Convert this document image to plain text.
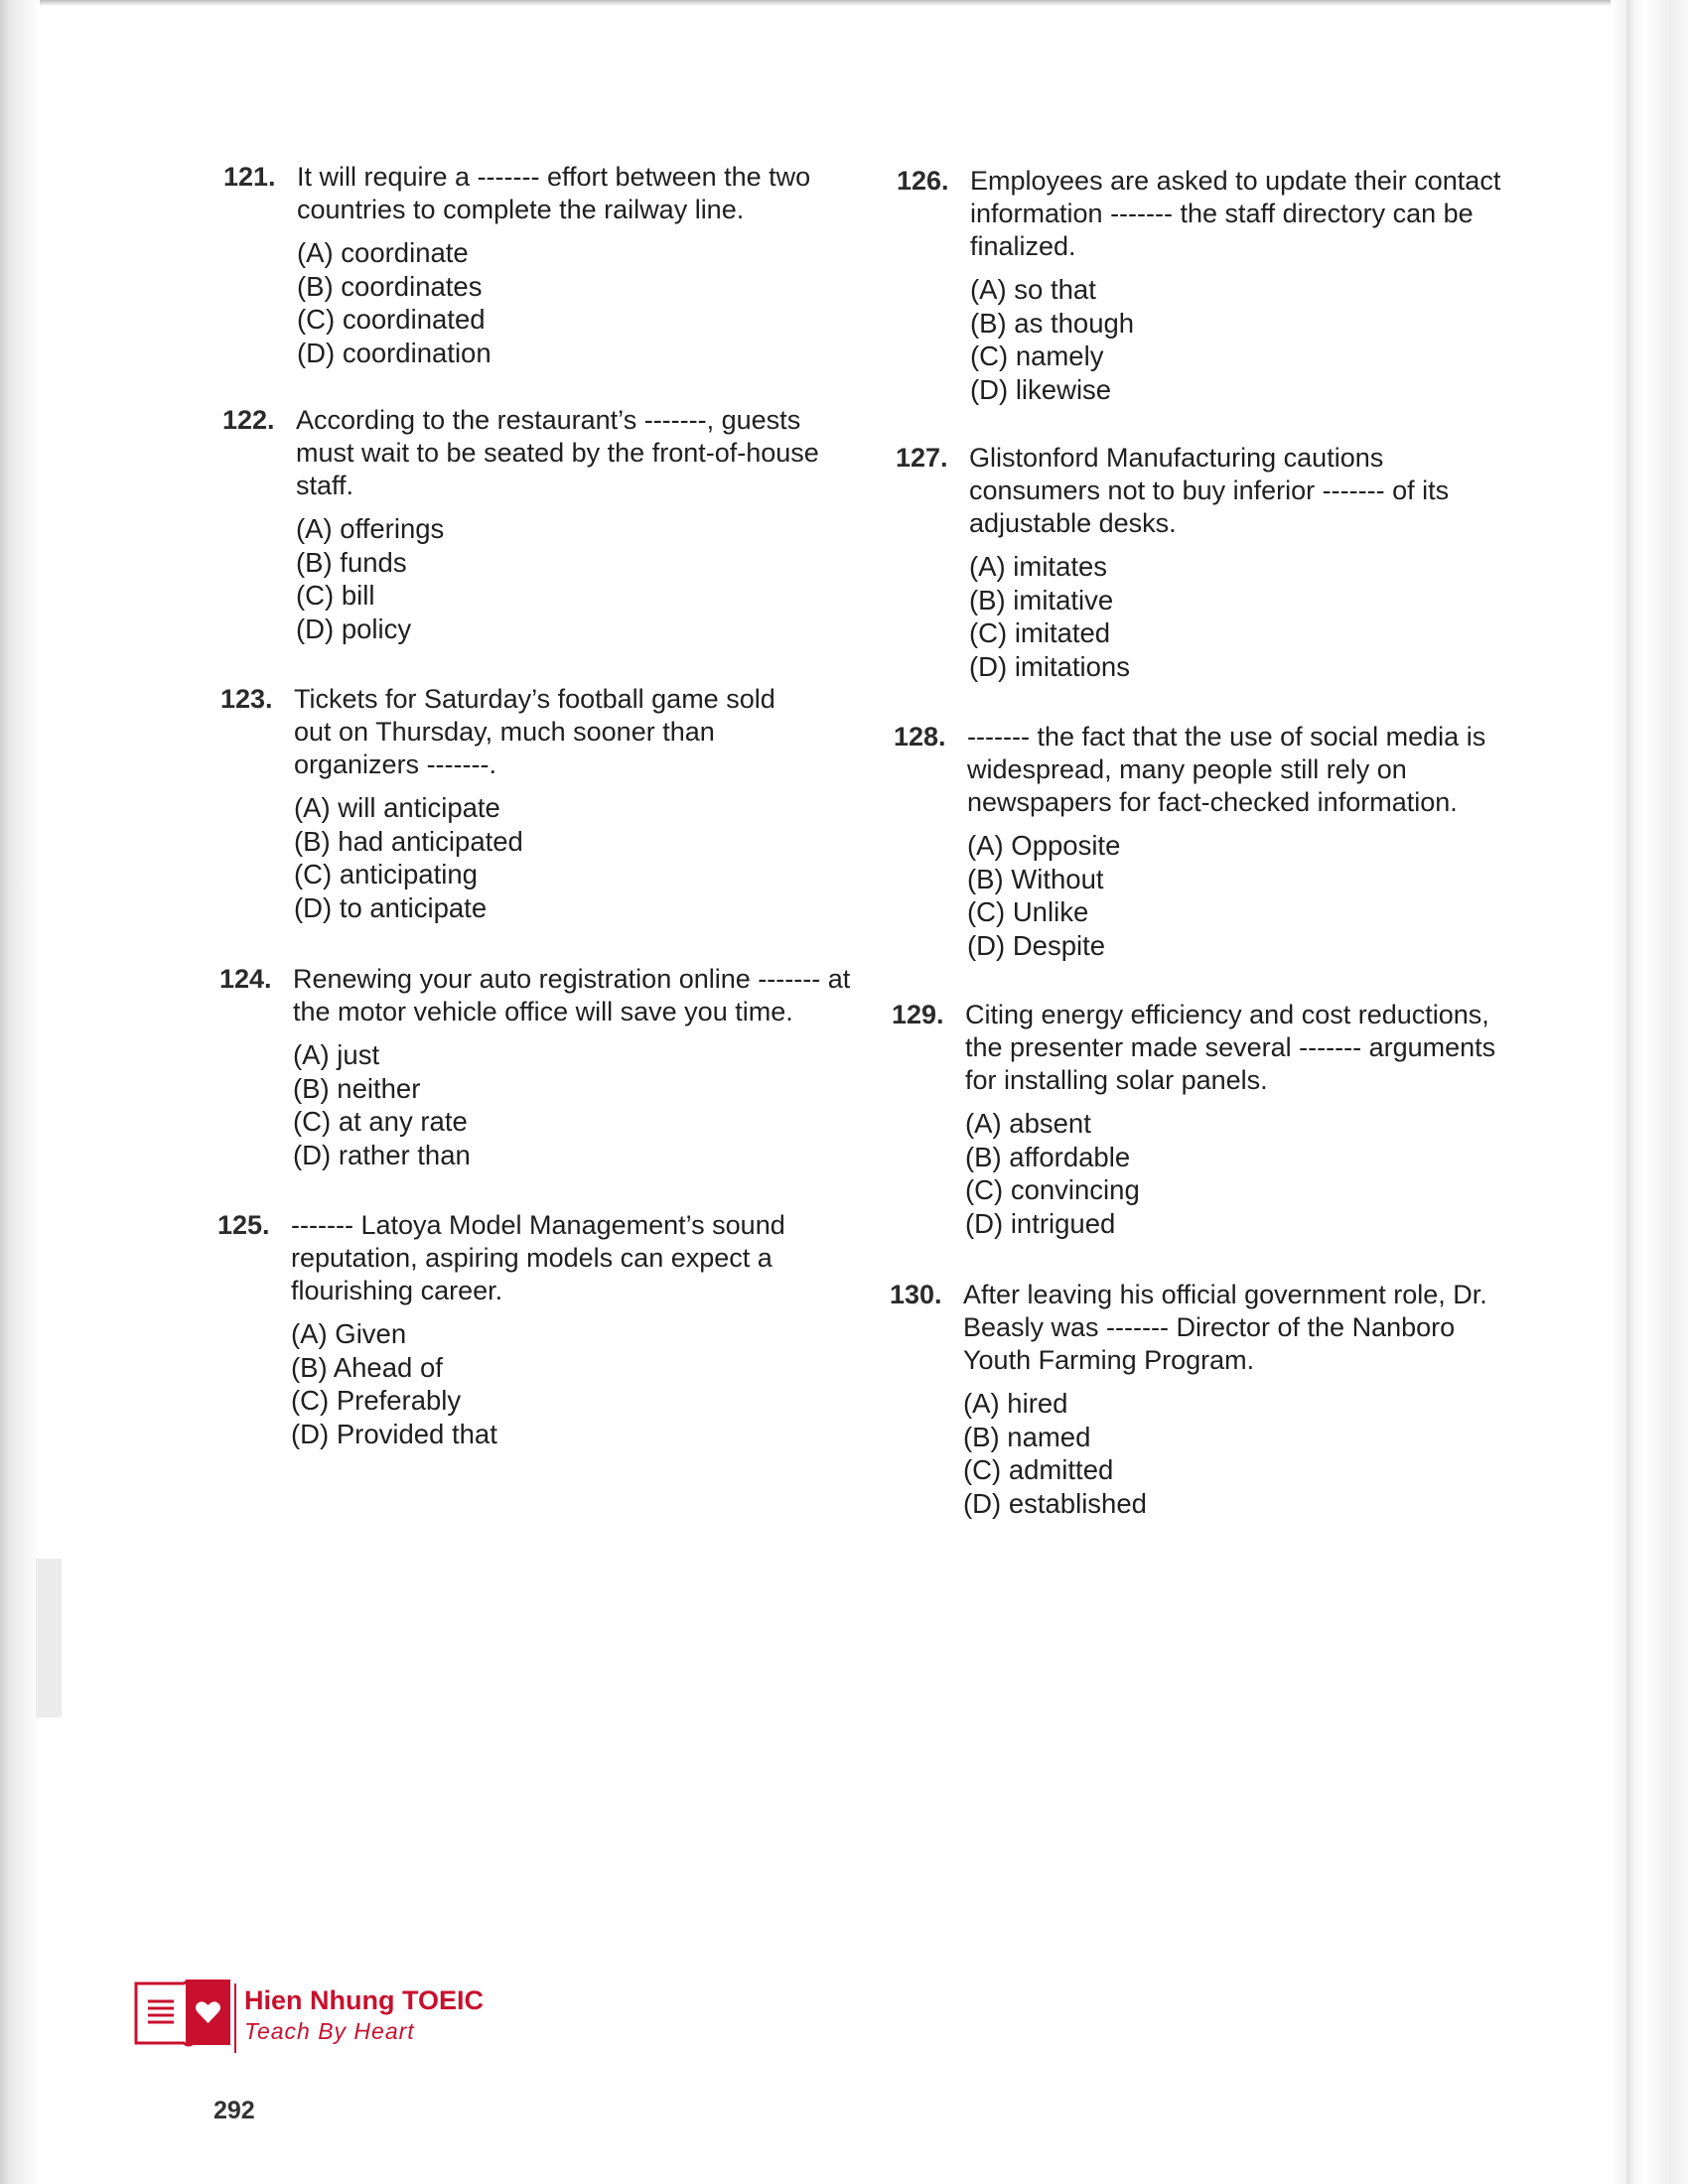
121. It will require a ------- effort between the two countries to complete the railway line.
(A) coordinate
(B) coordinates
(C) coordinated
(D) coordination
122. According to the restaurant’s -------, guests must wait to be seated by the front-of-house staff.
(A) offerings
(B) funds
(C) bill
(D) policy
123. Tickets for Saturday’s football game sold out on Thursday, much sooner than organizers -------.
(A) will anticipate
(B) had anticipated
(C) anticipating
(D) to anticipate
124. Renewing your auto registration online ------- at the motor vehicle office will save you time.
(A) just
(B) neither
(C) at any rate
(D) rather than
125. ------- Latoya Model Management’s sound reputation, aspiring models can expect a flourishing career.
(A) Given
(B) Ahead of
(C) Preferably
(D) Provided that
126. Employees are asked to update their contact information ------- the staff directory can be finalized.
(A) so that
(B) as though
(C) namely
(D) likewise
127. Glistonford Manufacturing cautions consumers not to buy inferior ------- of its adjustable desks.
(A) imitates
(B) imitative
(C) imitated
(D) imitations
128. ------- the fact that the use of social media is widespread, many people still rely on newspapers for fact-checked information.
(A) Opposite
(B) Without
(C) Unlike
(D) Despite
129. Citing energy efficiency and cost reductions, the presenter made several ------- arguments for installing solar panels.
(A) absent
(B) affordable
(C) convincing
(D) intrigued
130. After leaving his official government role, Dr. Beasly was ------- Director of the Nanboro Youth Farming Program.
(A) hired
(B) named
(C) admitted
(D) established
Hien Nhung TOEIC
Teach By Heart
292
